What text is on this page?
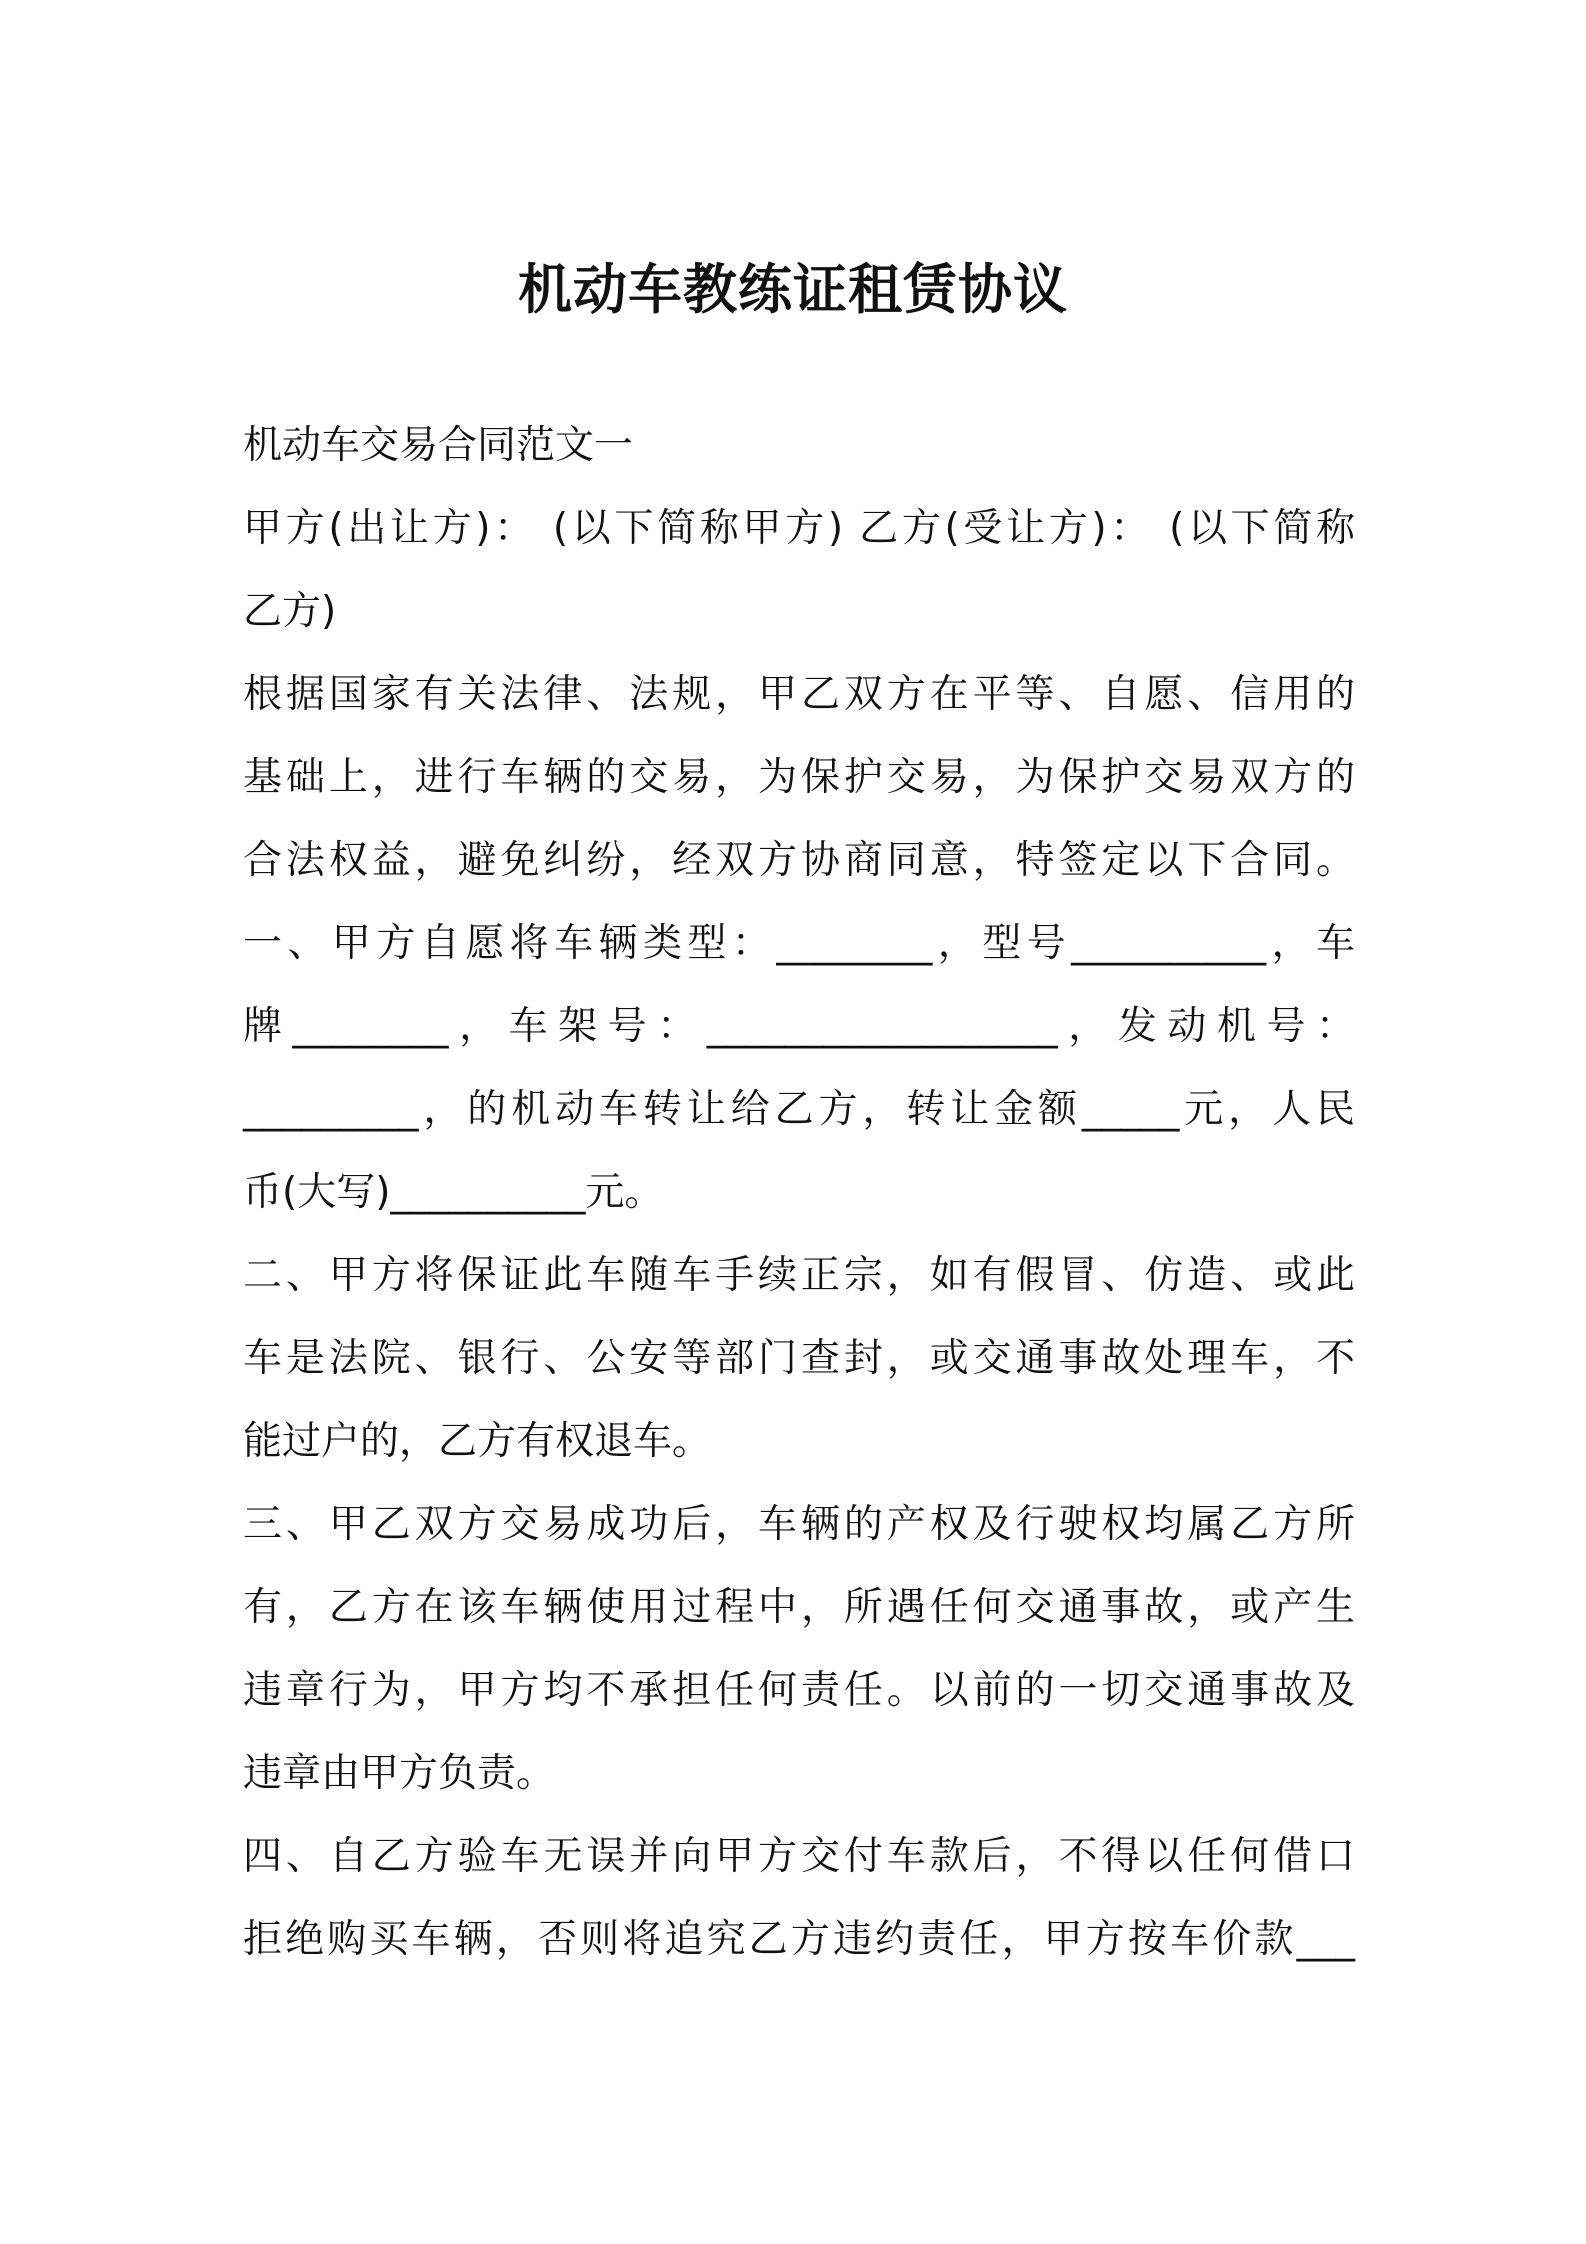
机动车教练证租赁协议
机动车交易合同范文一
甲方(出让方)： (以下简称甲方) 乙方(受让方)： (以下简称
乙方)
根据国家有关法律、法规，甲乙双方在平等、自愿、信用的
基础上，进行车辆的交易，为保护交易，为保护交易双方的
合法权益，避免纠纷，经双方协商同意，特签定以下合同。
一、甲方自愿将车辆类型：________，型号__________，车
牌________，车架号：__________________，发动机号：
_________，的机动车转让给乙方，转让金额_____元，人民
币(大写)__________元。
二、甲方将保证此车随车手续正宗，如有假冒、仿造、或此
车是法院、银行、公安等部门查封，或交通事故处理车，不
能过户的，乙方有权退车。
三、甲乙双方交易成功后，车辆的产权及行驶权均属乙方所
有，乙方在该车辆使用过程中，所遇任何交通事故，或产生
违章行为，甲方均不承担任何责任。以前的一切交通事故及
违章由甲方负责。
四、自乙方验车无误并向甲方交付车款后，不得以任何借口
拒绝购买车辆，否则将追究乙方违约责任，甲方按车价款___
